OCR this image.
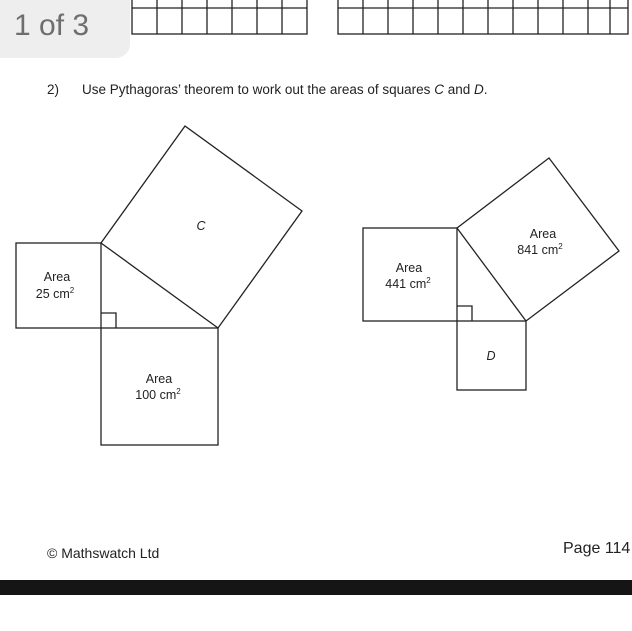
1 of 3
2) Use Pythagoras’ theorem to work out the areas of squares C and D.
Area
25 $cm^2$
Area
100 $cm^2$
C
Area
441 $cm^2$
Area
841 $cm^2$
D
© Mathswatch Ltd	Page 114
